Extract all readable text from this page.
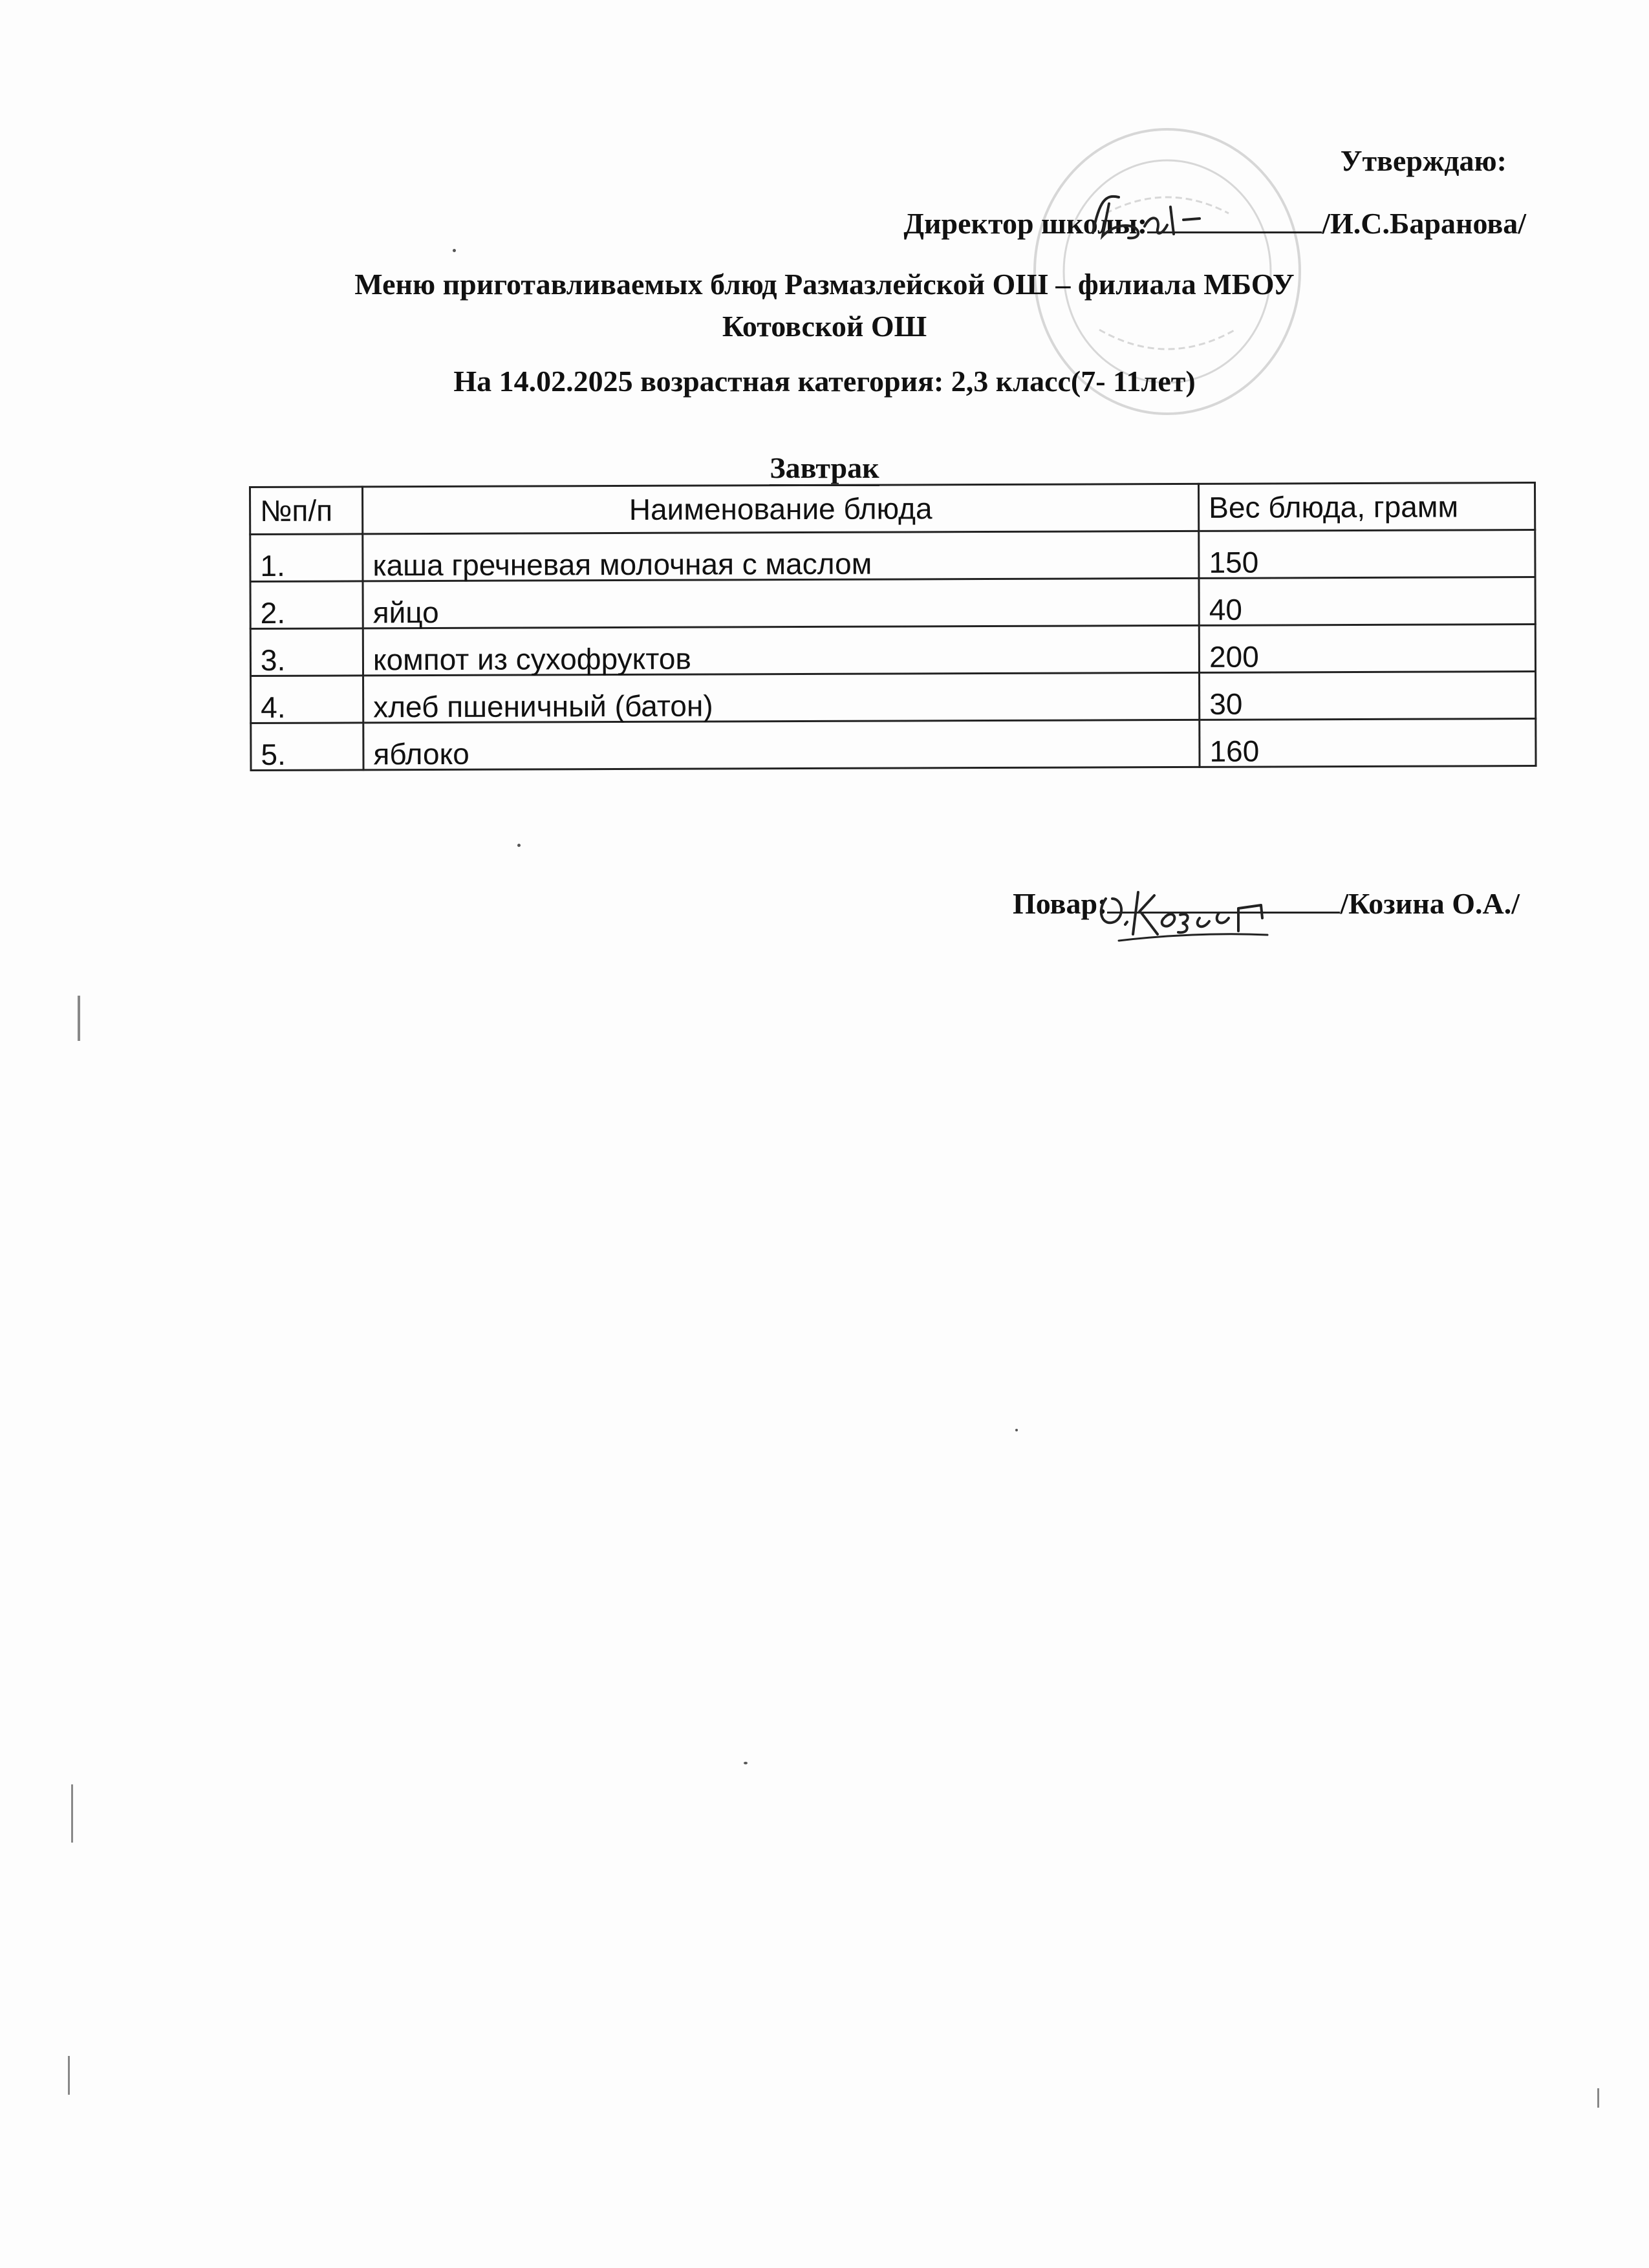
Утверждаю:
Директор школы:	/И.С.Баранова/
Меню приготавливаемых блюд Размазлейской ОШ – филиала МБОУ
Котовской ОШ
На 14.02.2025 возрастная категория: 2,3 класс(7- 11лет)
Завтрак
№п/п	Наименование блюда	Вес блюда, грамм
1.	каша гречневая молочная с маслом	150
2.	яйцо	40
3.	компот из сухофруктов	200
4.	хлеб пшеничный (батон)	30
5.	яблоко	160
Повар:	/Козина О.А./
